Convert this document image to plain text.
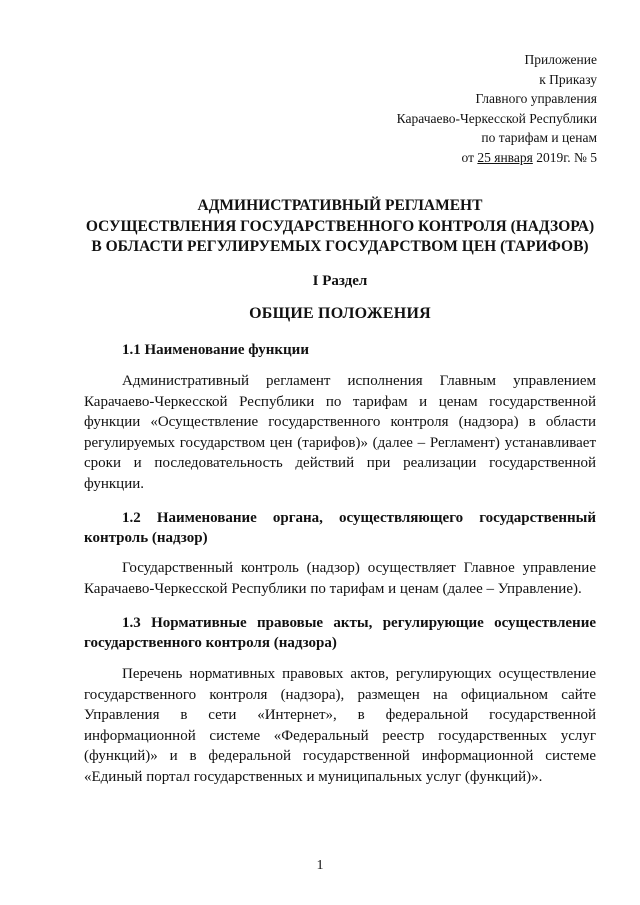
Приложение
к Приказу
Главного управления
Карачаево-Черкесской Республики
по тарифам и ценам
от 25 января 2019г. № 5
АДМИНИСТРАТИВНЫЙ РЕГЛАМЕНТ
ОСУЩЕСТВЛЕНИЯ ГОСУДАРСТВЕННОГО КОНТРОЛЯ (НАДЗОРА)
В ОБЛАСТИ РЕГУЛИРУЕМЫХ ГОСУДАРСТВОМ ЦЕН (ТАРИФОВ)
I Раздел
ОБЩИЕ ПОЛОЖЕНИЯ
1.1 Наименование функции
Административный регламент исполнения Главным управлением Карачаево-Черкесской Республики по тарифам и ценам государственной функции «Осуществление государственного контроля (надзора) в области регулируемых государством цен (тарифов)» (далее – Регламент) устанавливает сроки и последовательность действий при реализации государственной функции.
1.2 Наименование органа, осуществляющего государственный контроль (надзор)
Государственный контроль (надзор) осуществляет Главное управление Карачаево-Черкесской Республики по тарифам и ценам (далее – Управление).
1.3 Нормативные правовые акты, регулирующие осуществление государственного контроля (надзора)
Перечень нормативных правовых актов, регулирующих осуществление государственного контроля (надзора), размещен на официальном сайте Управления в сети «Интернет», в федеральной государственной информационной системе «Федеральный реестр государственных услуг (функций)» и в федеральной государственной информационной системе «Единый портал государственных и муниципальных услуг (функций)».
1
